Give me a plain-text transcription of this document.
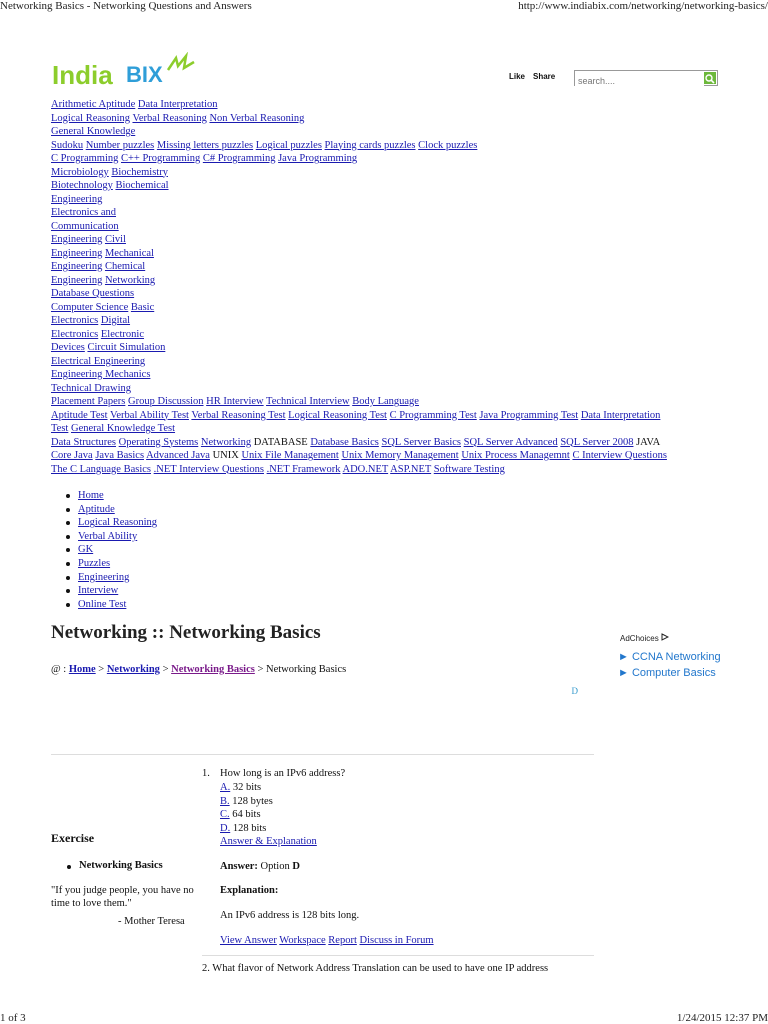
Networking Basics - Networking Questions and Answers	http://www.indiabix.com/networking/networking-basics/
India BIX	Like Share
search....
Arithmetic Aptitude Data Interpretation
Logical Reasoning Verbal Reasoning Non Verbal Reasoning
General Knowledge
Sudoku Number puzzles Missing letters puzzles Logical puzzles Playing cards puzzles Clock puzzles
C Programming C++ Programming C# Programming Java Programming
Microbiology Biochemistry
Biotechnology Biochemical
Engineering
Electronics and
Communication
Engineering Civil
Engineering Mechanical
Engineering Chemical
Engineering Networking
Database Questions
Computer Science Basic
Electronics Digital
Electronics Electronic
Devices Circuit Simulation
Electrical Engineering
Engineering Mechanics
Technical Drawing
Placement Papers Group Discussion HR Interview Technical Interview Body Language
Aptitude Test Verbal Ability Test Verbal Reasoning Test Logical Reasoning Test C Programming Test Java Programming Test Data Interpretation
Test General Knowledge Test
Data Structures Operating Systems Networking DATABASE Database Basics SQL Server Basics SQL Server Advanced SQL Server 2008 JAVA
Core Java Java Basics Advanced Java UNIX Unix File Management Unix Memory Management Unix Process Managemnt C Interview Questions
The C Language Basics .NET Interview Questions .NET Framework ADO.NET ASP.NET Software Testing
Home
Aptitude
Logical Reasoning
Verbal Ability
GK
Puzzles
Engineering
Interview
Online Test
Networking :: Networking Basics
@ : Home > Networking > Networking Basics > Networking Basics
D
AdChoices
► CCNA Networking
► Computer Basics
Exercise
Networking Basics
"If you judge people, you have no time to love them."
- Mother Teresa
1. How long is an IPv6 address?
A. 32 bits
B. 128 bytes
C. 64 bits
D. 128 bits
Answer & Explanation
Answer: Option D
Explanation:
An IPv6 address is 128 bits long.
View Answer Workspace Report Discuss in Forum
2. What flavor of Network Address Translation can be used to have one IP address
1 of 3	1/24/2015 12:37 PM
